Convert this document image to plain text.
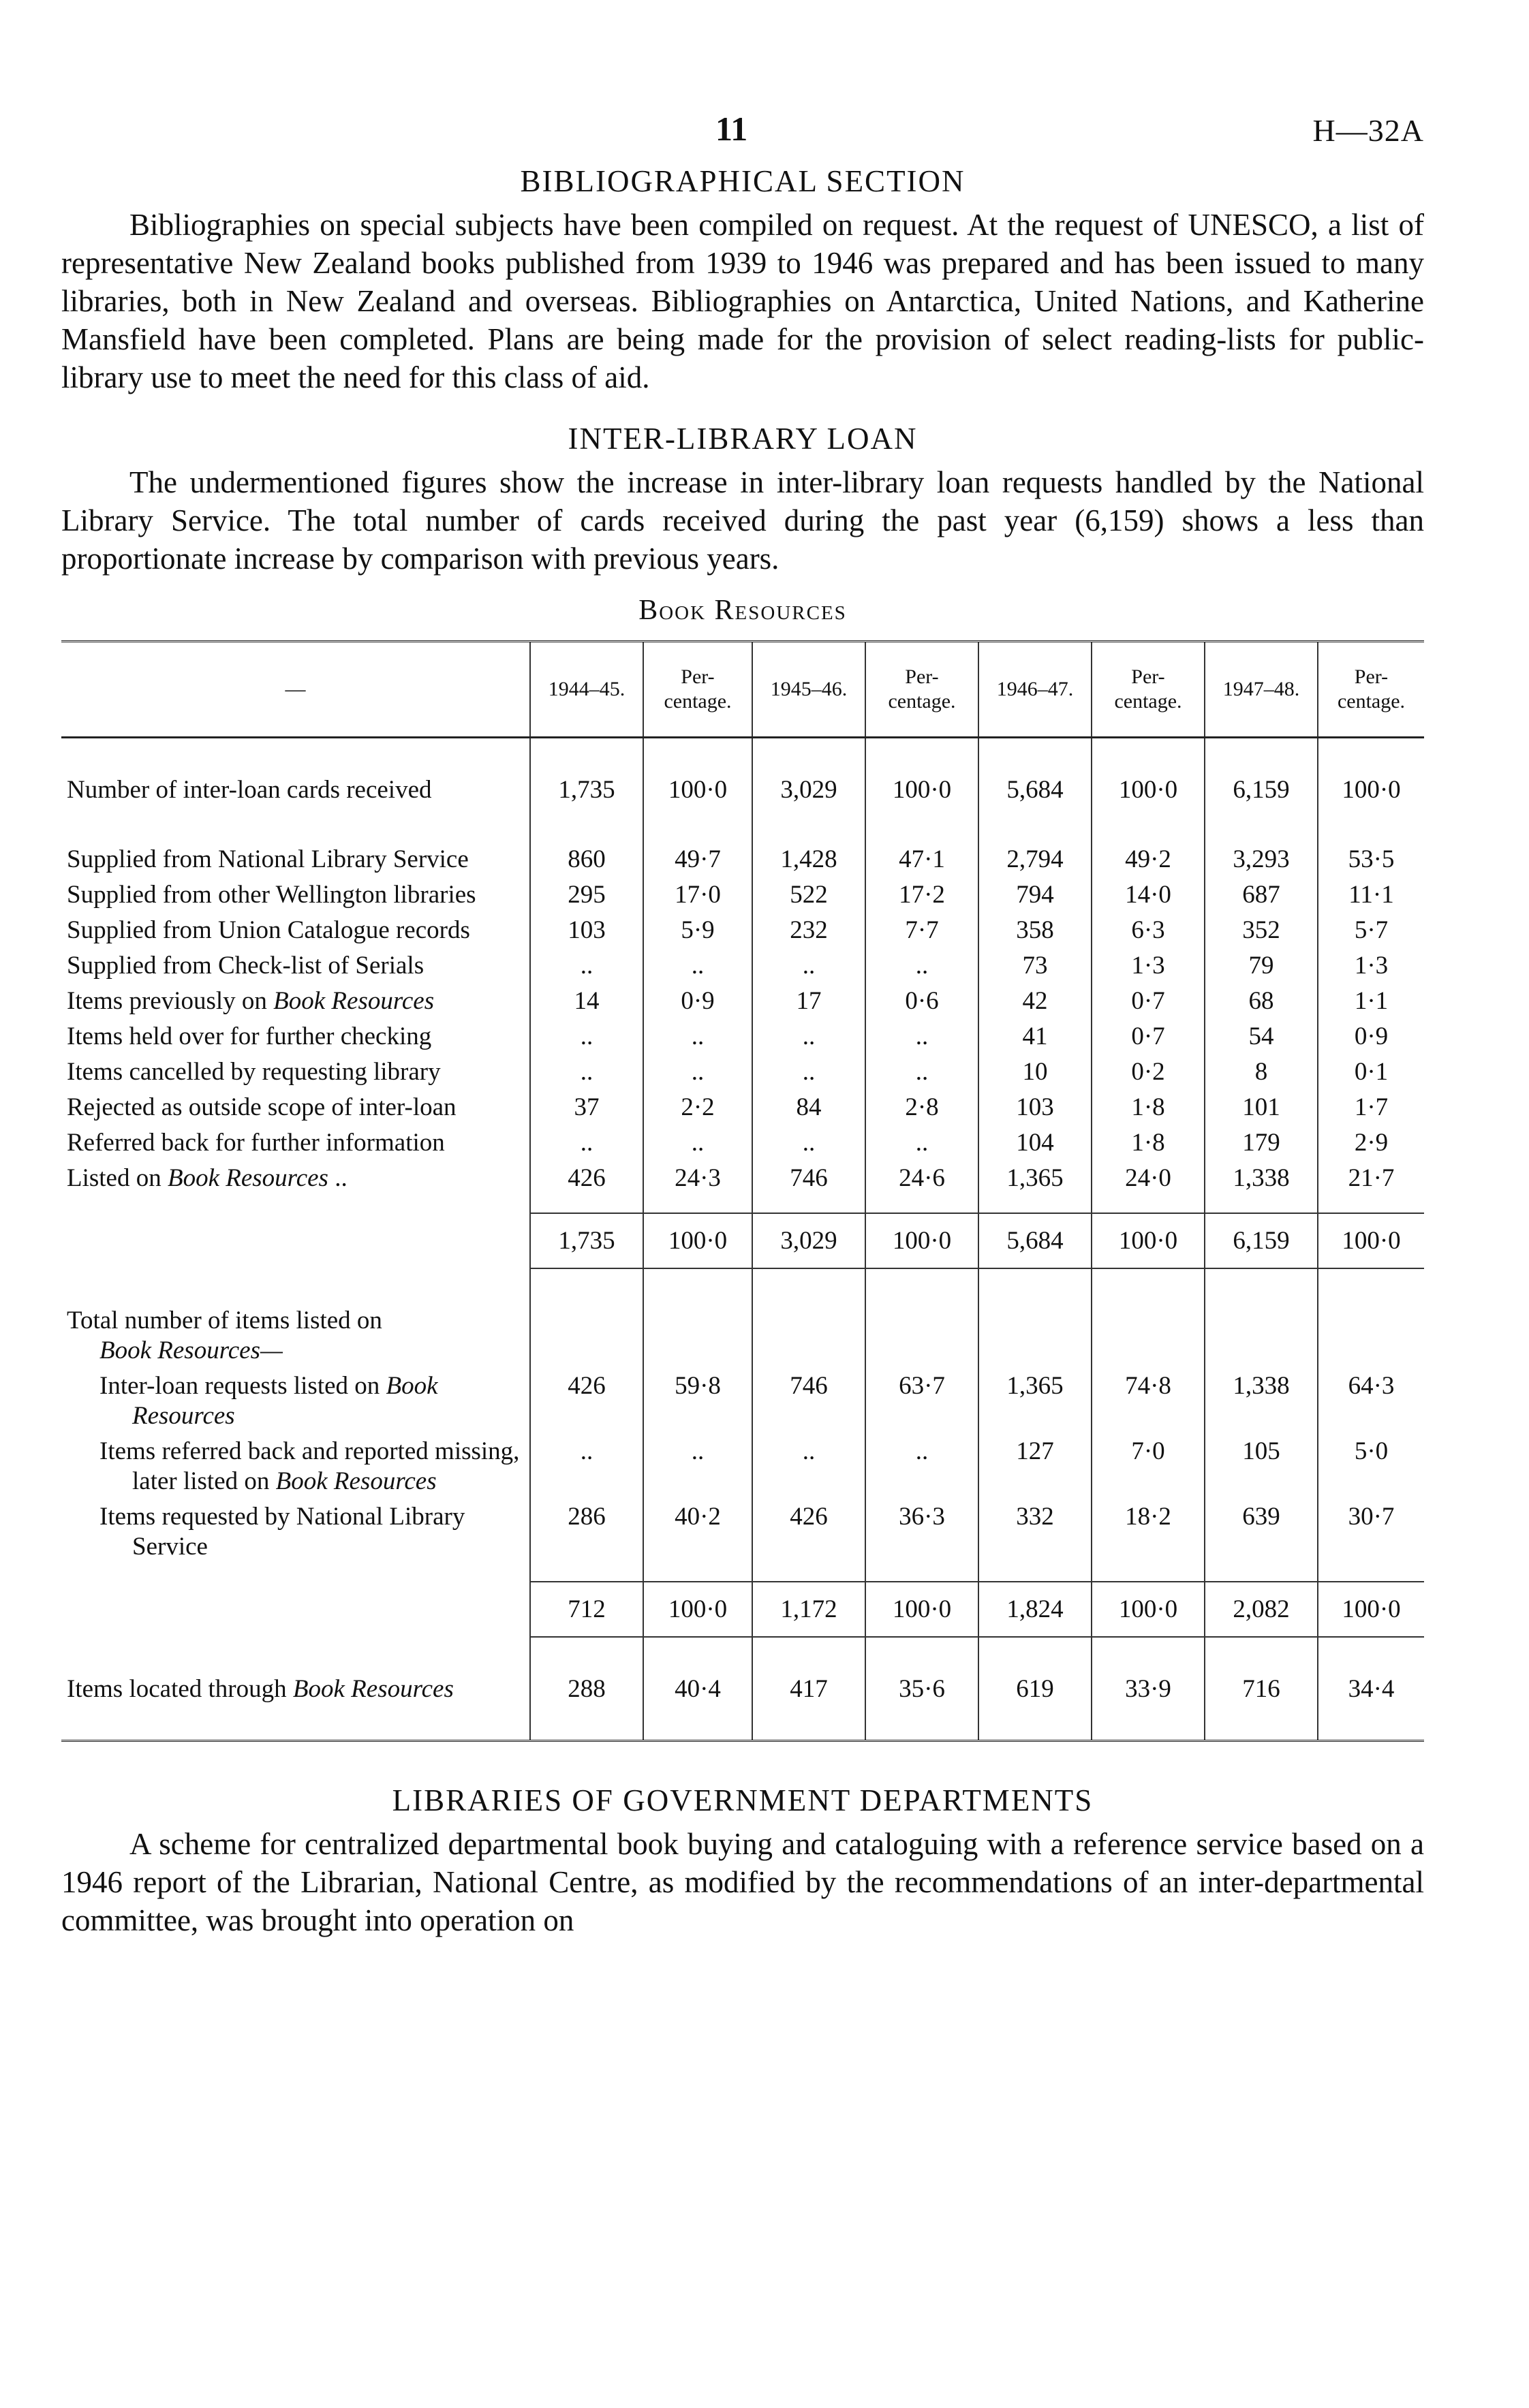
11	H—32A
BIBLIOGRAPHICAL SECTION

Bibliographies on special subjects have been compiled on request. At the request of UNESCO, a list of representative New Zealand books published from 1939 to 1946 was prepared and has been issued to many libraries, both in New Zealand and overseas. Bibliographies on Antarctica, United Nations, and Katherine Mansfield have been completed. Plans are being made for the provision of select reading-lists for public-library use to meet the need for this class of aid.

INTER-LIBRARY LOAN

The undermentioned figures show the increase in inter-library loan requests handled by the National Library Service. The total number of cards received during the past year (6,159) shows a less than proportionate increase by comparison with previous years.

Book Resources
—	1944–45.	Per-centage.	1945–46.	Per-centage.	1946–47.	Per-centage.	1947–48.	Per-centage.

Number of inter-loan cards received	1,735	100·0	3,029	100·0	5,684	100·0	6,159	100·0

Supplied from National Library Service	860	49·7	1,428	47·1	2,794	49·2	3,293	53·5

Supplied from other Wellington libraries	295	17·0	522	17·2	794	14·0	687	11·1

Supplied from Union Catalogue records	103	5·9	232	7·7	358	6·3	352	5·7

Supplied from Check-list of Serials	..	..	..	..	73	1·3	79	1·3

Items previously on Book Resources	14	0·9	17	0·6	42	0·7	68	1·1

Items held over for further checking	..	..	..	..	41	0·7	54	0·9

Items cancelled by requesting library	..	..	..	..	10	0·2	8	0·1

Rejected as outside scope of inter-loan	37	2·2	84	2·8	103	1·8	101	1·7

Referred back for further information	..	..	..	..	104	1·8	179	2·9

Listed on Book Resources ..	426	24·3	746	24·6	1,365	24·0	1,338	21·7

	1,735	100·0	3,029	100·0	5,684	100·0	6,159	100·0

Total number of items listed on
Book Resources—								

Inter-loan requests listed on Book Resources	426	59·8	746	63·7	1,365	74·8	1,338	64·3

Items referred back and reported missing, later listed on Book Resources	..	..	..	..	127	7·0	105	5·0

Items requested by National Library Service	286	40·2	426	36·3	332	18·2	639	30·7

	712	100·0	1,172	100·0	1,824	100·0	2,082	100·0

Items located through Book Resources	288	40·4	417	35·6	619	33·9	716	34·4

LIBRARIES OF GOVERNMENT DEPARTMENTS

A scheme for centralized departmental book buying and cataloguing with a reference service based on a 1946 report of the Librarian, National Centre, as modified by the recommendations of an inter-departmental committee, was brought into operation on
